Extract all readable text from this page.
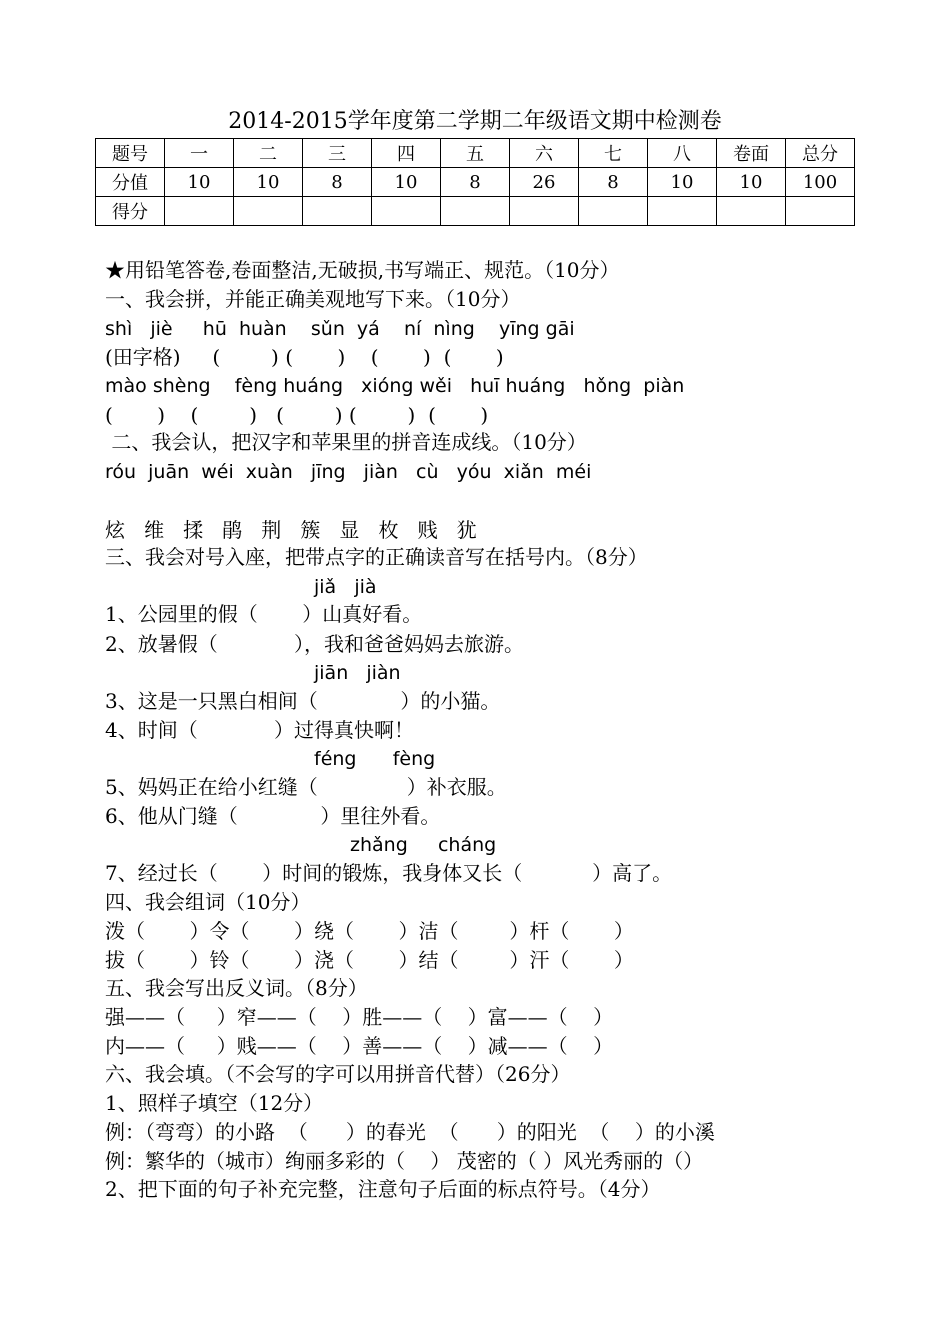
2014-2015学年度第二学期二年级语文期中检测卷
题号	一	二	三	四	五	六	七	八	卷面	总分
分值	10	10	8	10	8	26	8	10	10	100
得分										
★用铅笔答卷,卷面整洁,无破损,书写端正、规范。（10分）
一、我会拼，并能正确美观地写下来。（10分）
shì   jiè     hū  huàn    sǔn  yá    ní  nìng    yīng gāi
(田字格)     (        ) (       )    (       )  (       )
mào shèng    fèng huáng   xióng wěi   huī huáng   hǒng  piàn
(       )    (        )   (        ) (        )  (       )
二、我会认，把汉字和苹果里的拼音连成线。（10分）
róu  juān  wéi  xuàn   jīng   jiàn   cù   yóu  xiǎn  méi
炫   维   揉   鹃   荆   簇   显   枚   贱   犹
三、我会对号入座，把带点字的正确读音写在括号内。（8分）
jiǎ   jià
1、公园里的假（       ）山真好看。
2、放暑假（            ），我和爸爸妈妈去旅游。
jiān   jiàn
3、这是一只黑白相间（             ）的小猫。
4、时间（            ）过得真快啊！
féng      fèng
5、妈妈正在给小红缝（              ）补衣服。
6、他从门缝（             ）里往外看。
zhǎng     cháng
7、经过长（       ）时间的锻炼，我身体又长（           ）高了。
四、我会组词（10分）
泼（       ）令（       ）绕（       ）洁（        ）杆（       ）
拔（       ）铃（       ）浇（       ）结（        ）汗（       ）
五、我会写出反义词。（8分）
强——（     ）窄——（    ）胜——（    ）富——（    ）
内——（     ）贱——（    ）善——（    ）减——（    ）
六、我会填。（不会写的字可以用拼音代替）（26分）
1、照样子填空（12分）
例：（弯弯）的小路  （      ）的春光  （      ）的阳光  （    ）的小溪
例：繁华的（城市）绚丽多彩的（    ） 茂密的（ ）风光秀丽的（）
2、把下面的句子补充完整，注意句子后面的标点符号。（4分）
